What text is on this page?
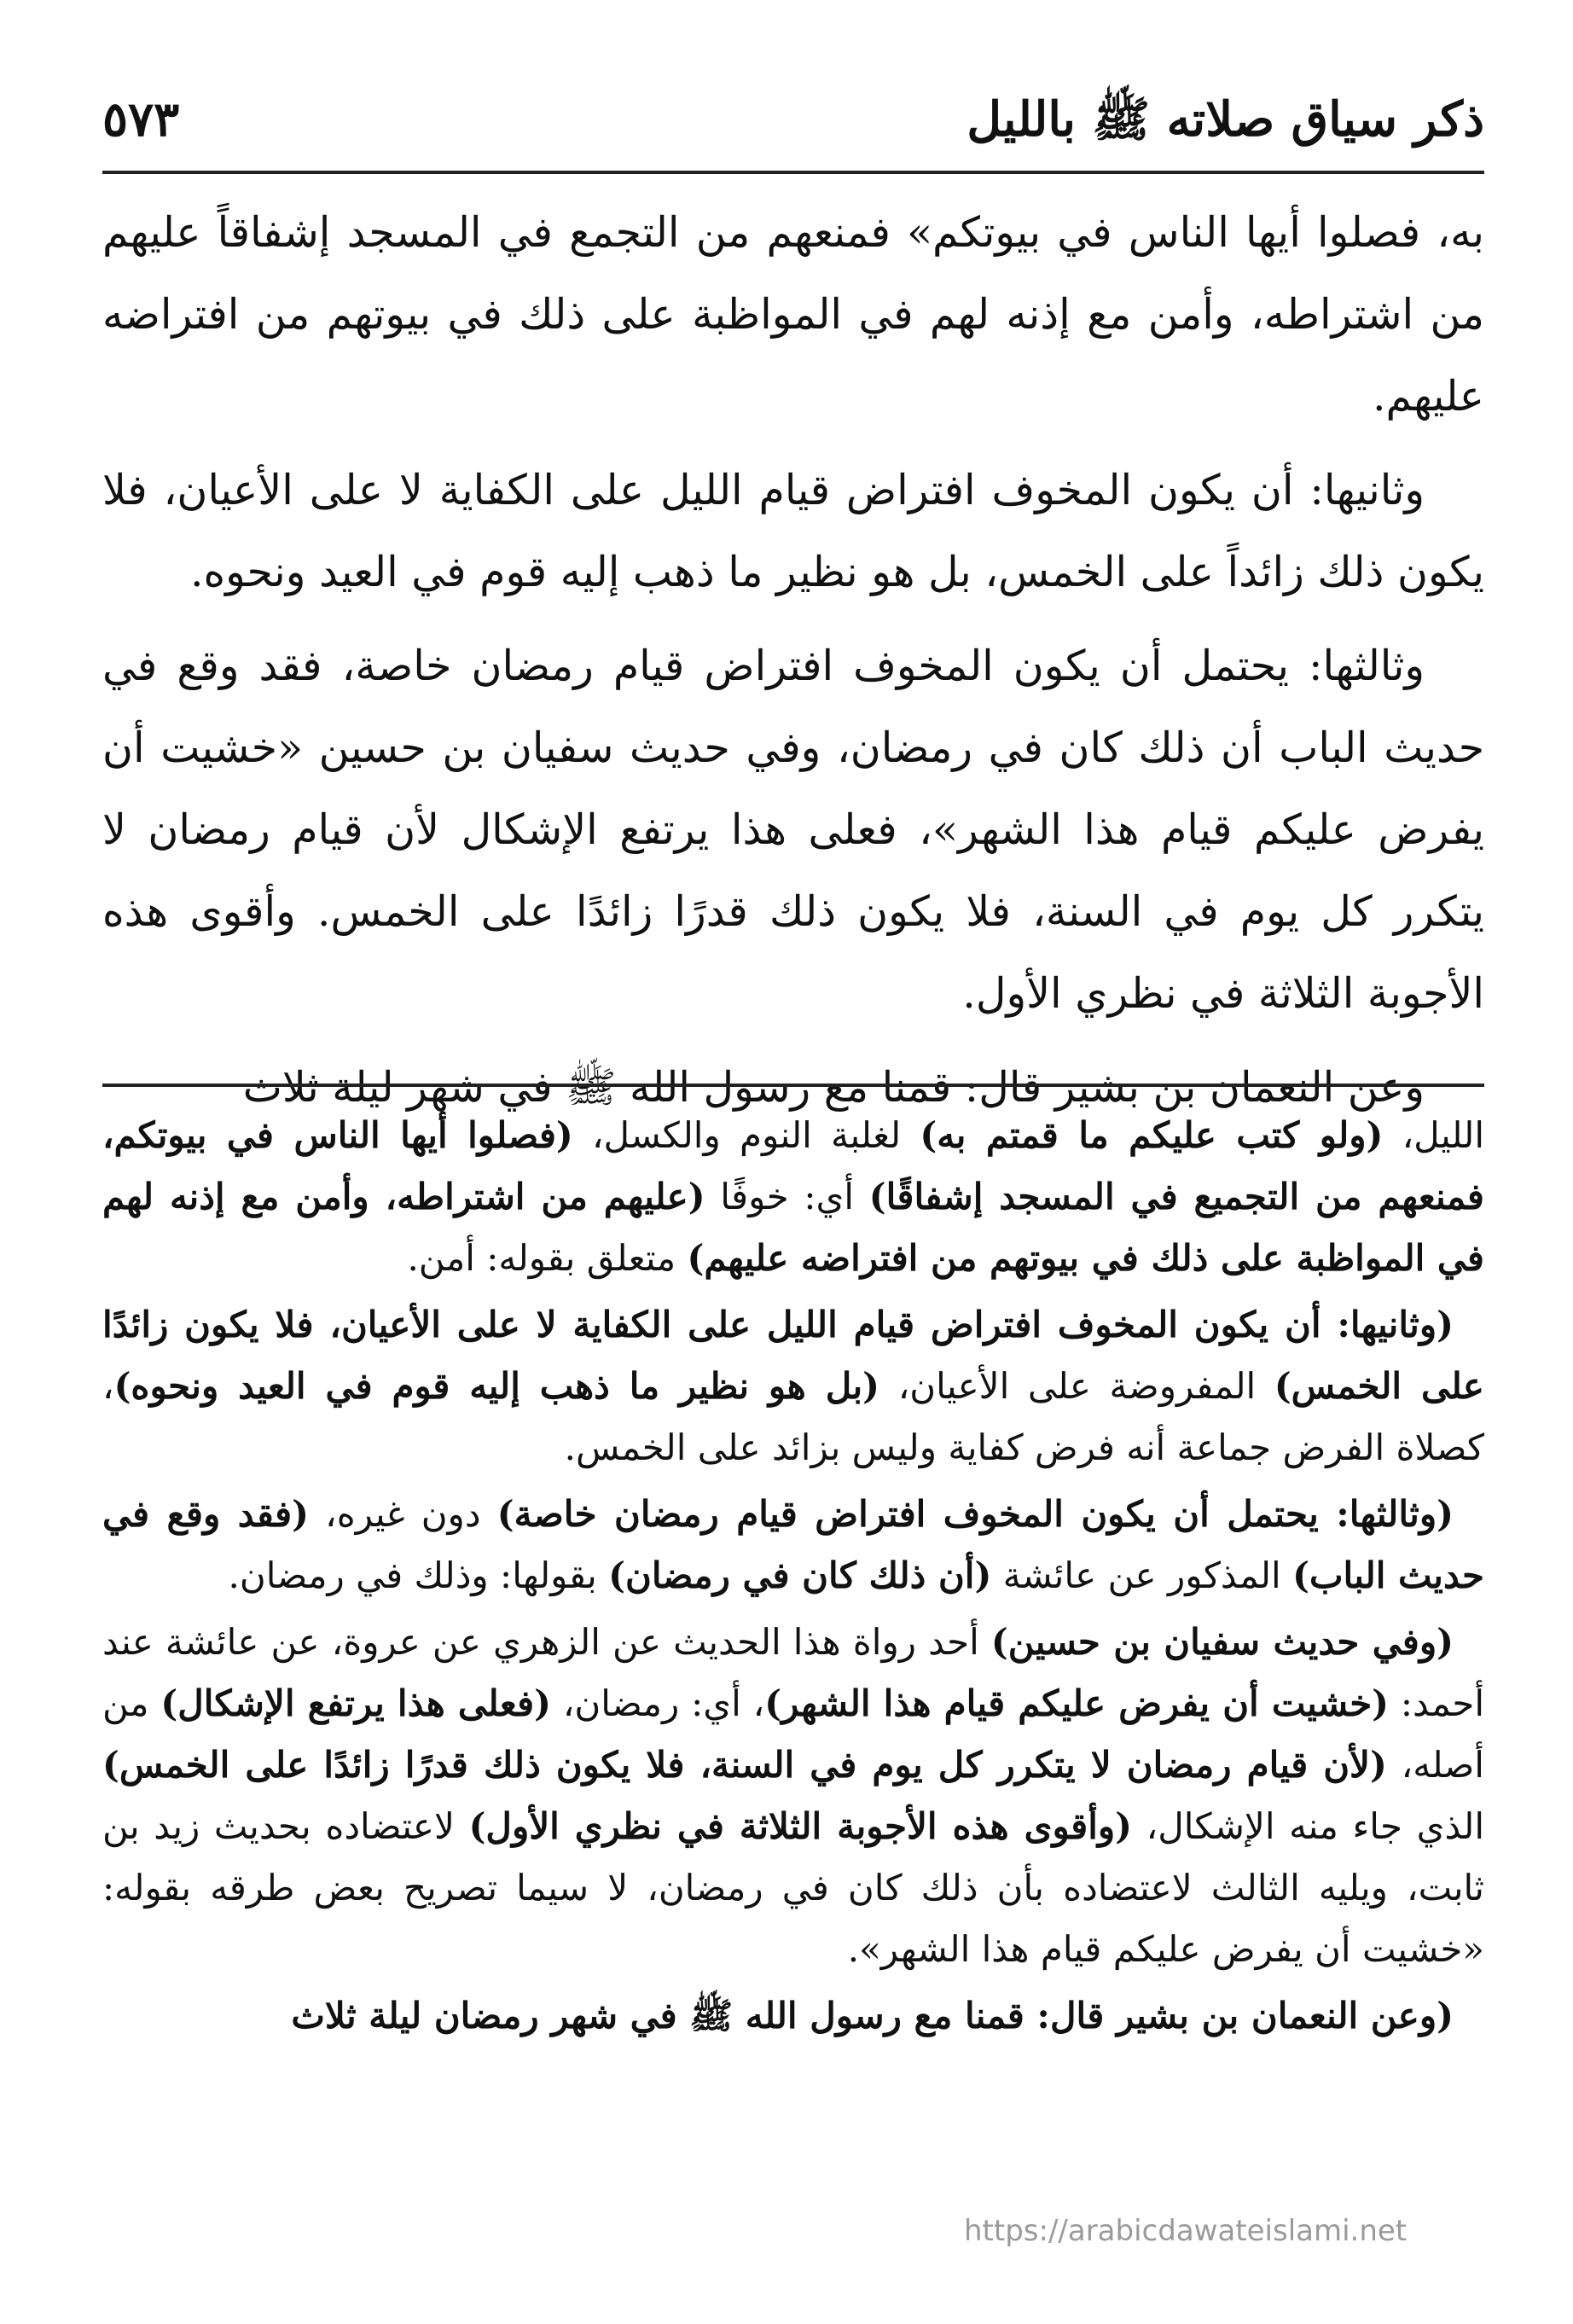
ذكر سياق صلاته ﷺ بالليل
٥٧٣

به، فصلوا أيها الناس في بيوتكم» فمنعهم من التجمع في المسجد إشفاقاً عليهم من اشتراطه، وأمن مع إذنه لهم في المواظبة على ذلك في بيوتهم من افتراضه عليهم.

وثانيها: أن يكون المخوف افتراض قيام الليل على الكفاية لا على الأعيان، فلا يكون ذلك زائداً على الخمس، بل هو نظير ما ذهب إليه قوم في العيد ونحوه.

وثالثها: يحتمل أن يكون المخوف افتراض قيام رمضان خاصة، فقد وقع في حديث الباب أن ذلك كان في رمضان، وفي حديث سفيان بن حسين «خشيت أن يفرض عليكم قيام هذا الشهر»، فعلى هذا يرتفع الإشكال لأن قيام رمضان لا يتكرر كل يوم في السنة، فلا يكون ذلك قدرًا زائدًا على الخمس. وأقوى هذه الأجوبة الثلاثة في نظري الأول.

وعن النعمان بن بشير قال: قمنا مع رسول الله ﷺ في شهر ليلة ثلاث

الليل، (ولو كتب عليكم ما قمتم به) لغلبة النوم والكسل، (فصلوا أيها الناس في بيوتكم، فمنعهم من التجميع في المسجد إشفاقًا) أي: خوفًا (عليهم من اشتراطه، وأمن مع إذنه لهم في المواظبة على ذلك في بيوتهم من افتراضه عليهم) متعلق بقوله: أمن.

(وثانيها: أن يكون المخوف افتراض قيام الليل على الكفاية لا على الأعيان، فلا يكون زائدًا على الخمس) المفروضة على الأعيان، (بل هو نظير ما ذهب إليه قوم في العيد ونحوه)، كصلاة الفرض جماعة أنه فرض كفاية وليس بزائد على الخمس.

(وثالثها: يحتمل أن يكون المخوف افتراض قيام رمضان خاصة) دون غيره، (فقد وقع في حديث الباب) المذكور عن عائشة (أن ذلك كان في رمضان) بقولها: وذلك في رمضان.

(وفي حديث سفيان بن حسين) أحد رواة هذا الحديث عن الزهري عن عروة، عن عائشة عند أحمد: (خشيت أن يفرض عليكم قيام هذا الشهر)، أي: رمضان، (فعلى هذا يرتفع الإشكال) من أصله، (لأن قيام رمضان لا يتكرر كل يوم في السنة، فلا يكون ذلك قدرًا زائدًا على الخمس) الذي جاء منه الإشكال، (وأقوى هذه الأجوبة الثلاثة في نظري الأول) لاعتضاده بحديث زيد بن ثابت، ويليه الثالث لاعتضاده بأن ذلك كان في رمضان، لا سيما تصريح بعض طرقه بقوله: «خشيت أن يفرض عليكم قيام هذا الشهر».

(وعن النعمان بن بشير قال: قمنا مع رسول الله ﷺ في شهر رمضان ليلة ثلاث

https://arabicdawateislami.net
